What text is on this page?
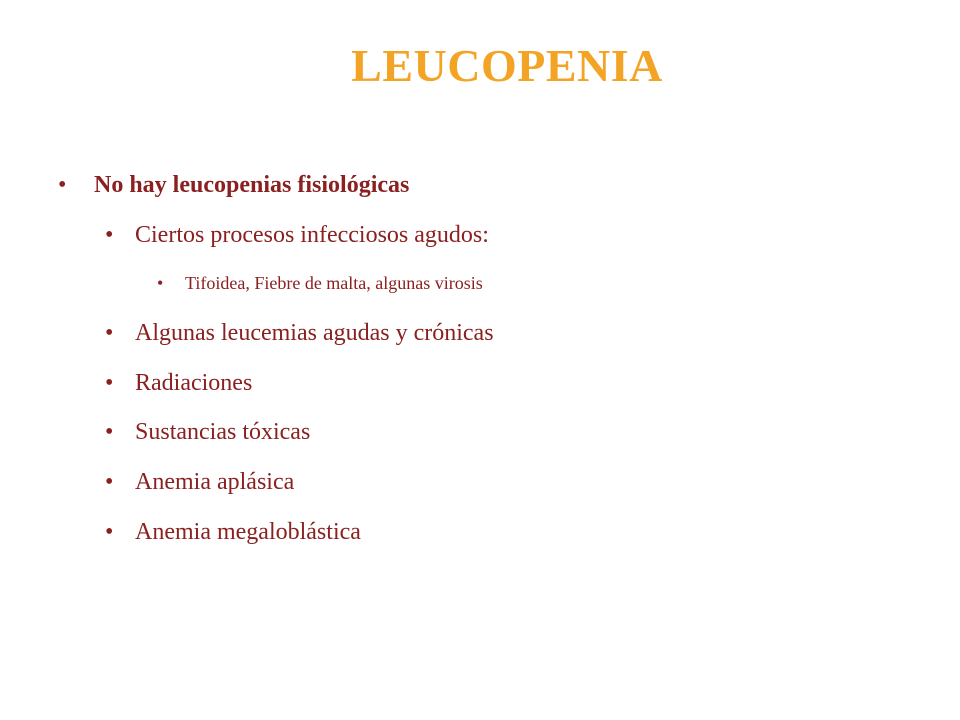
LEUCOPENIA
• No hay leucopenias fisiológicas
• Ciertos procesos infecciosos agudos:
• Tifoidea, Fiebre de malta, algunas virosis
• Algunas leucemias agudas y crónicas
• Radiaciones
• Sustancias tóxicas
• Anemia aplásica
• Anemia megaloblástica
